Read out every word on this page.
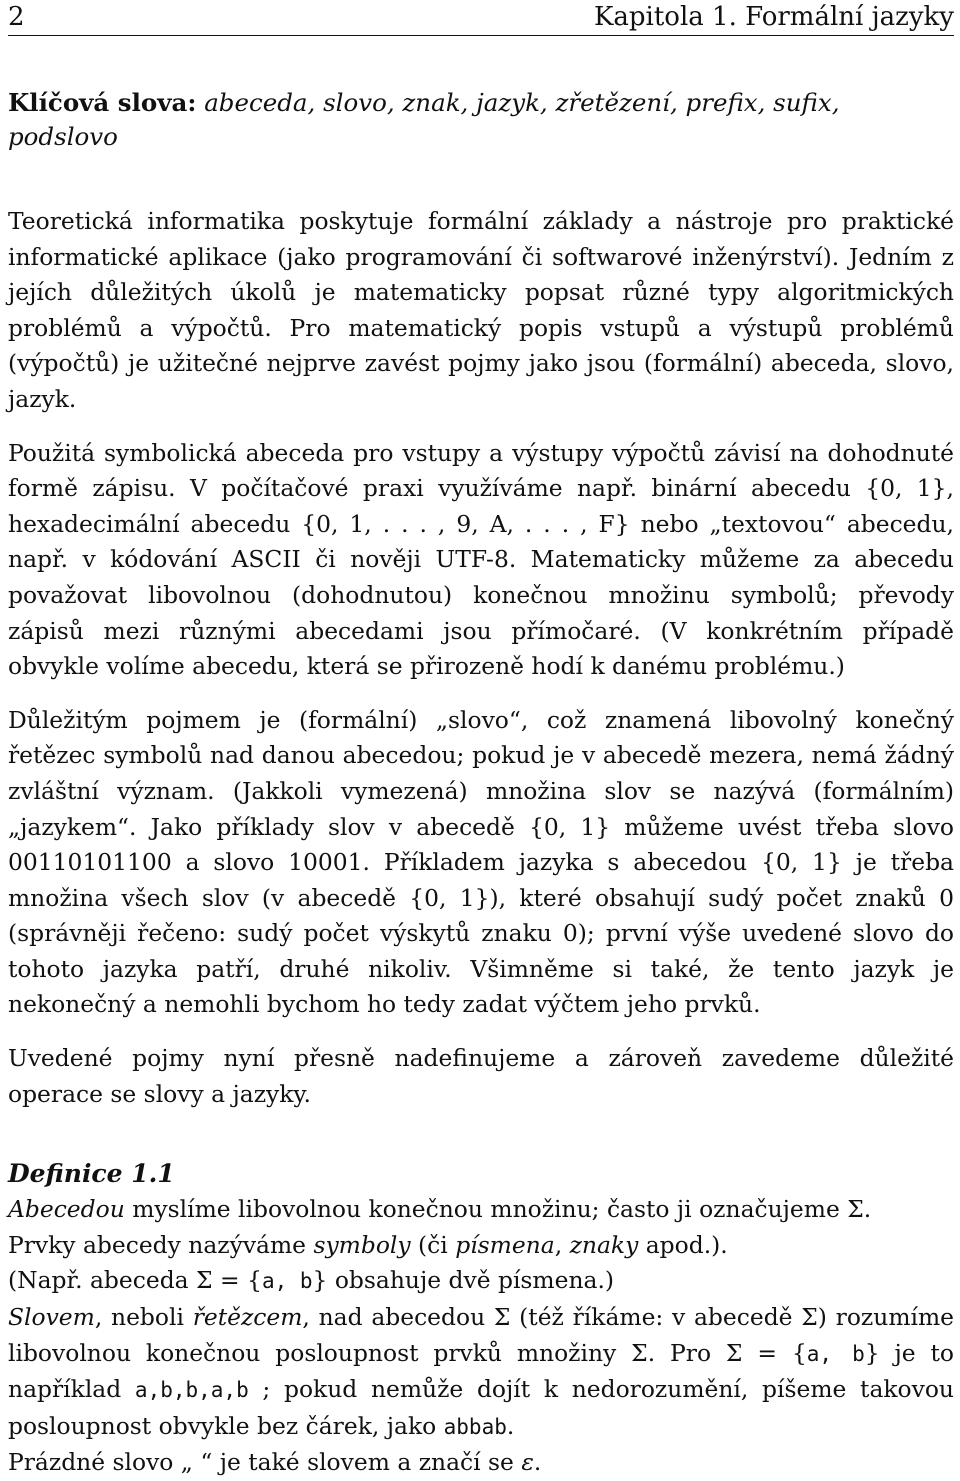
2	Kapitola 1. Formální jazyky
Klíčová slova: abeceda, slovo, znak, jazyk, zřetězení, prefix, sufix, podslovo

Teoretická informatika poskytuje formální základy a nástroje pro praktické informatické aplikace (jako programování či softwarové inženýrství). Jedním z jejích důležitých úkolů je matematicky popsat různé typy algoritmických problémů a výpočtů. Pro matematický popis vstupů a výstupů problémů (výpočtů) je užitečné nejprve zavést pojmy jako jsou (formální) abeceda, slovo, jazyk.

Použitá symbolická abeceda pro vstupy a výstupy výpočtů závisí na dohodnuté formě zápisu. V počítačové praxi využíváme např. binární abecedu {0, 1}, hexadecimální abecedu {0, 1, . . . , 9, A, . . . , F} nebo „textovou“ abecedu, např. v kódování ASCII či nověji UTF-8. Matematicky můžeme za abecedu považovat libovolnou (dohodnutou) konečnou množinu symbolů; převody zápisů mezi různými abecedami jsou přímočaré. (V konkrétním případě obvykle volíme abecedu, která se přirozeně hodí k danému problému.)

Důležitým pojmem je (formální) „slovo“, což znamená libovolný konečný řetězec symbolů nad danou abecedou; pokud je v abecedě mezera, nemá žádný zvláštní význam. (Jakkoli vymezená) množina slov se nazývá (formálním) „jazykem“. Jako příklady slov v abecedě {0, 1} můžeme uvést třeba slovo 00110101100 a slovo 10001. Příkladem jazyka s abecedou {0, 1} je třeba množina všech slov (v abecedě {0, 1}), které obsahují sudý počet znaků 0 (správněji řečeno: sudý počet výskytů znaku 0); první výše uvedené slovo do tohoto jazyka patří, druhé nikoliv. Všimněme si také, že tento jazyk je nekonečný a nemohli bychom ho tedy zadat výčtem jeho prvků.

Uvedené pojmy nyní přesně nadefinujeme a zároveň zavedeme důležité operace se slovy a jazyky.

Definice 1.1

Abecedou myslíme libovolnou konečnou množinu; často ji označujeme Σ.

Prvky abecedy nazýváme symboly (či písmena, znaky apod.).

(Např. abeceda Σ = {a, b} obsahuje dvě písmena.)

Slovem, neboli řetězcem, nad abecedou Σ (též říkáme: v abecedě Σ) rozumíme libovolnou konečnou posloupnost prvků množiny Σ. Pro Σ = {a, b} je to například a,b,b,a,b ; pokud nemůže dojít k nedorozumění, píšeme takovou posloupnost obvykle bez čárek, jako abbab.

Prázdné slovo „ “ je také slovem a značí se ε.
